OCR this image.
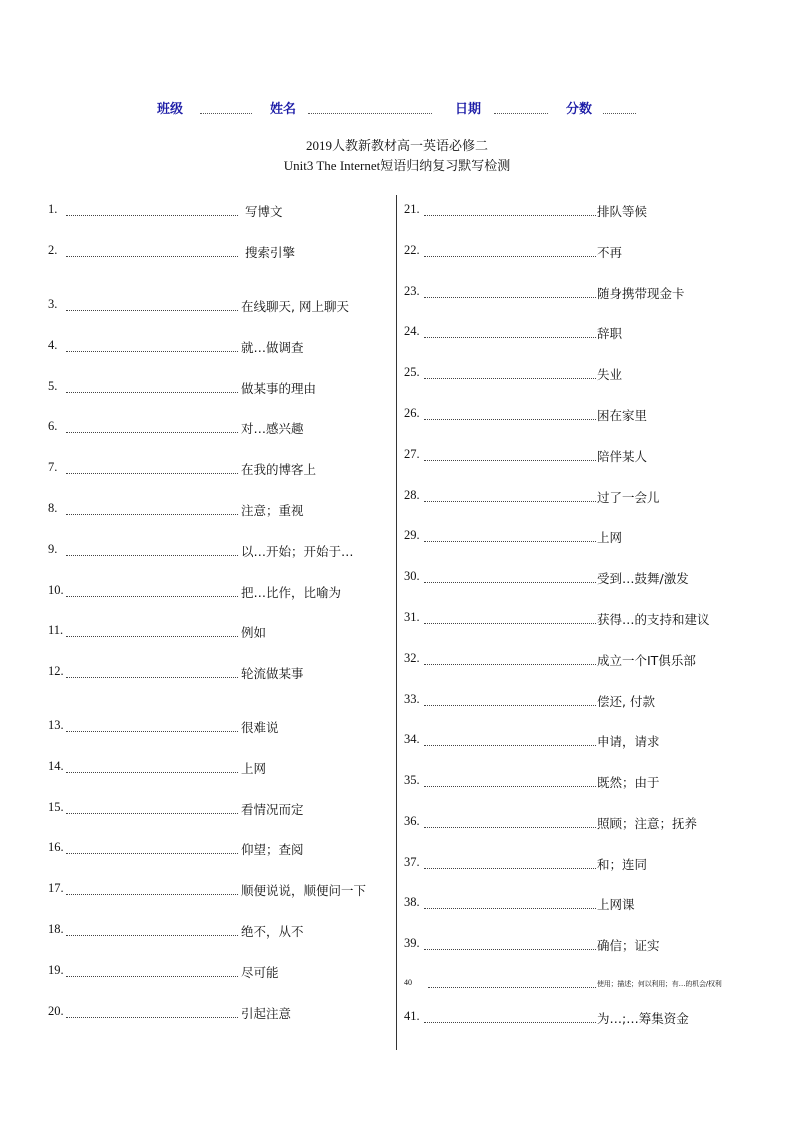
班级	姓名	日期	分数
2019人教新教材高一英语必修二
Unit3 The Internet短语归纳复习默写检测
1.	写博文
2.	搜索引擎
3.	在线聊天, 网上聊天
4.	就…做调查
5.	做某事的理由
6.	对…感兴趣
7.	在我的博客上
8.	注意；重视
9.	以…开始；开始于…
10.	把…比作，比喻为
11.	例如
12.	轮流做某事
13.	很难说
14.	上网
15.	看情况而定
16.	仰望；查阅
17.	顺便说说，顺便问一下
18.	绝不，从不
19.	尽可能
20.	引起注意
21.	排队等候
22.	不再
23.	随身携带现金卡
24.	辞职
25.	失业
26.	困在家里
27.	陪伴某人
28.	过了一会儿
29.	上网
30.	受到…鼓舞/激发
31.	获得…的支持和建议
32.	成立一个IT俱乐部
33.	偿还, 付款
34.	申请，请求
35.	既然；由于
36.	照顾；注意；抚养
37.	和；连同
38.	上网课
39.	确信；证实
40	使用；描述；何以利用；有…的机会/权利
41.	为…;…筹集资金
